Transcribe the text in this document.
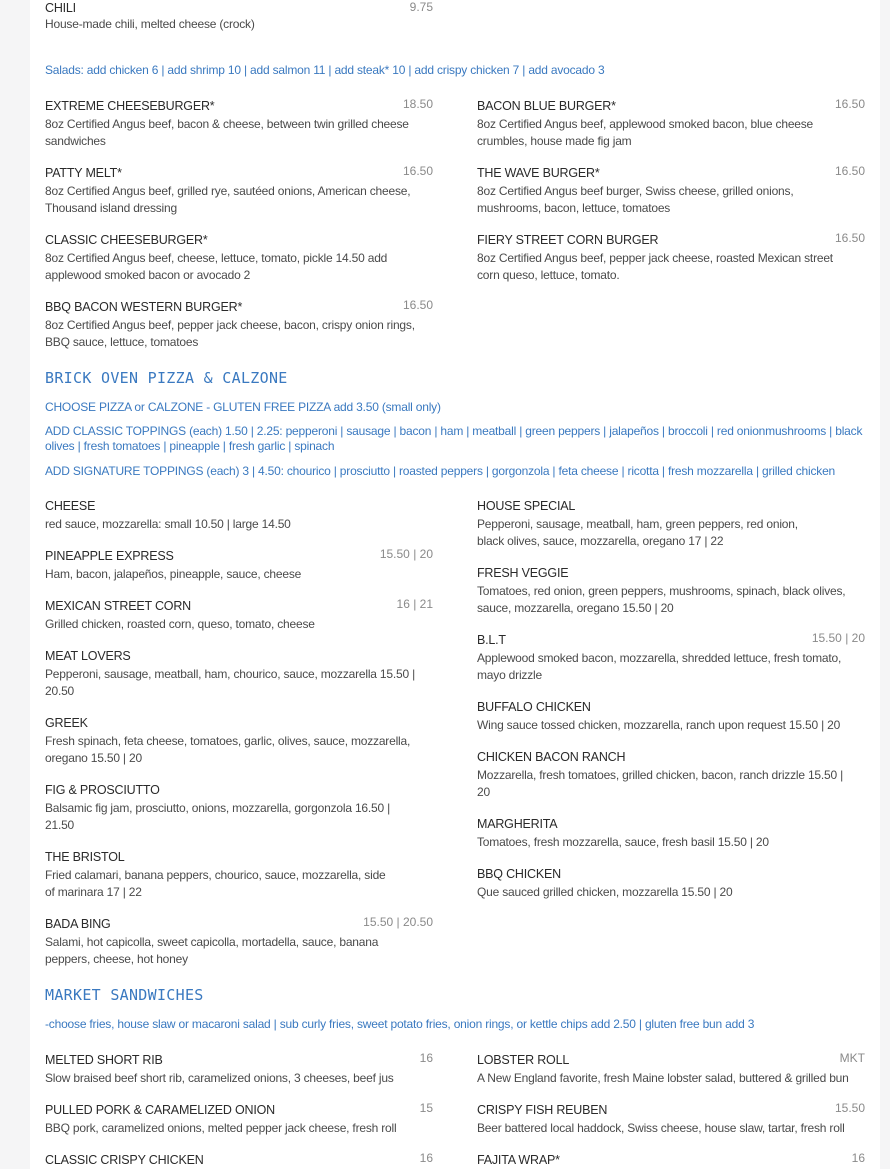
CHILI	9.75
House-made chili, melted cheese (crock)
Salads: add chicken 6 | add shrimp 10 | add salmon 11 | add steak* 10 | add crispy chicken 7 | add avocado 3
EXTREME CHEESEBURGER*	18.50
8oz Certified Angus beef, bacon & cheese, between twin grilled cheese sandwiches
BACON BLUE BURGER*	16.50
8oz Certified Angus beef, applewood smoked bacon, blue cheese crumbles, house made fig jam
PATTY MELT*	16.50
8oz Certified Angus beef, grilled rye, sautéed onions, American cheese, Thousand island dressing
THE WAVE BURGER*	16.50
8oz Certified Angus beef burger, Swiss cheese, grilled onions, mushrooms, bacon, lettuce, tomatoes
CLASSIC CHEESEBURGER*
8oz Certified Angus beef, cheese, lettuce, tomato, pickle 14.50 add applewood smoked bacon or avocado 2
FIERY STREET CORN BURGER	16.50
8oz Certified Angus beef, pepper jack cheese, roasted Mexican street corn queso, lettuce, tomato.
BBQ BACON WESTERN BURGER*	16.50
8oz Certified Angus beef, pepper jack cheese, bacon, crispy onion rings, BBQ sauce, lettuce, tomatoes
BRICK OVEN PIZZA & CALZONE
CHOOSE PIZZA or CALZONE - GLUTEN FREE PIZZA add 3.50 (small only)
ADD CLASSIC TOPPINGS (each) 1.50 | 2.25: pepperoni | sausage | bacon | ham | meatball | green peppers | jalapeños | broccoli | red onionmushrooms | black olives | fresh tomatoes | pineapple | fresh garlic | spinach
ADD SIGNATURE TOPPINGS (each) 3 | 4.50: chourico | prosciutto | roasted peppers | gorgonzola | feta cheese | ricotta | fresh mozzarella | grilled chicken
CHEESE
red sauce, mozzarella: small 10.50 | large 14.50
PINEAPPLE EXPRESS	15.50 | 20
Ham, bacon, jalapeños, pineapple, sauce, cheese
MEXICAN STREET CORN	16 | 21
Grilled chicken, roasted corn, queso, tomato, cheese
MEAT LOVERS
Pepperoni, sausage, meatball, ham, chourico, sauce, mozzarella 15.50 | 20.50
GREEK
Fresh spinach, feta cheese, tomatoes, garlic, olives, sauce, mozzarella, oregano 15.50 | 20
FIG & PROSCIUTTO
Balsamic fig jam, prosciutto, onions, mozzarella, gorgonzola 16.50 | 21.50
THE BRISTOL
Fried calamari, banana peppers, chourico, sauce, mozzarella, side of marinara 17 | 22
BADA BING	15.50 | 20.50
Salami, hot capicolla, sweet capicolla, mortadella, sauce, banana peppers, cheese, hot honey
HOUSE SPECIAL
Pepperoni, sausage, meatball, ham, green peppers, red onion, black olives, sauce, mozzarella, oregano 17 | 22
FRESH VEGGIE
Tomatoes, red onion, green peppers, mushrooms, spinach, black olives, sauce, mozzarella, oregano 15.50 | 20
B.L.T	15.50 | 20
Applewood smoked bacon, mozzarella, shredded lettuce, fresh tomato, mayo drizzle
BUFFALO CHICKEN
Wing sauce tossed chicken, mozzarella, ranch upon request 15.50 | 20
CHICKEN BACON RANCH
Mozzarella, fresh tomatoes, grilled chicken, bacon, ranch drizzle 15.50 | 20
MARGHERITA
Tomatoes, fresh mozzarella, sauce, fresh basil 15.50 | 20
BBQ CHICKEN
Que sauced grilled chicken, mozzarella 15.50 | 20
MARKET SANDWICHES
-choose fries, house slaw or macaroni salad | sub curly fries, sweet potato fries, onion rings, or kettle chips add 2.50 | gluten free bun add 3
MELTED SHORT RIB	16
Slow braised beef short rib, caramelized onions, 3 cheeses, beef jus
LOBSTER ROLL	MKT
A New England favorite, fresh Maine lobster salad, buttered & grilled bun
PULLED PORK & CARAMELIZED ONION	15
BBQ pork, caramelized onions, melted pepper jack cheese, fresh roll
CRISPY FISH REUBEN	15.50
Beer battered local haddock, Swiss cheese, house slaw, tartar, fresh roll
CLASSIC CRISPY CHICKEN	16	FAJITA WRAP*	16
